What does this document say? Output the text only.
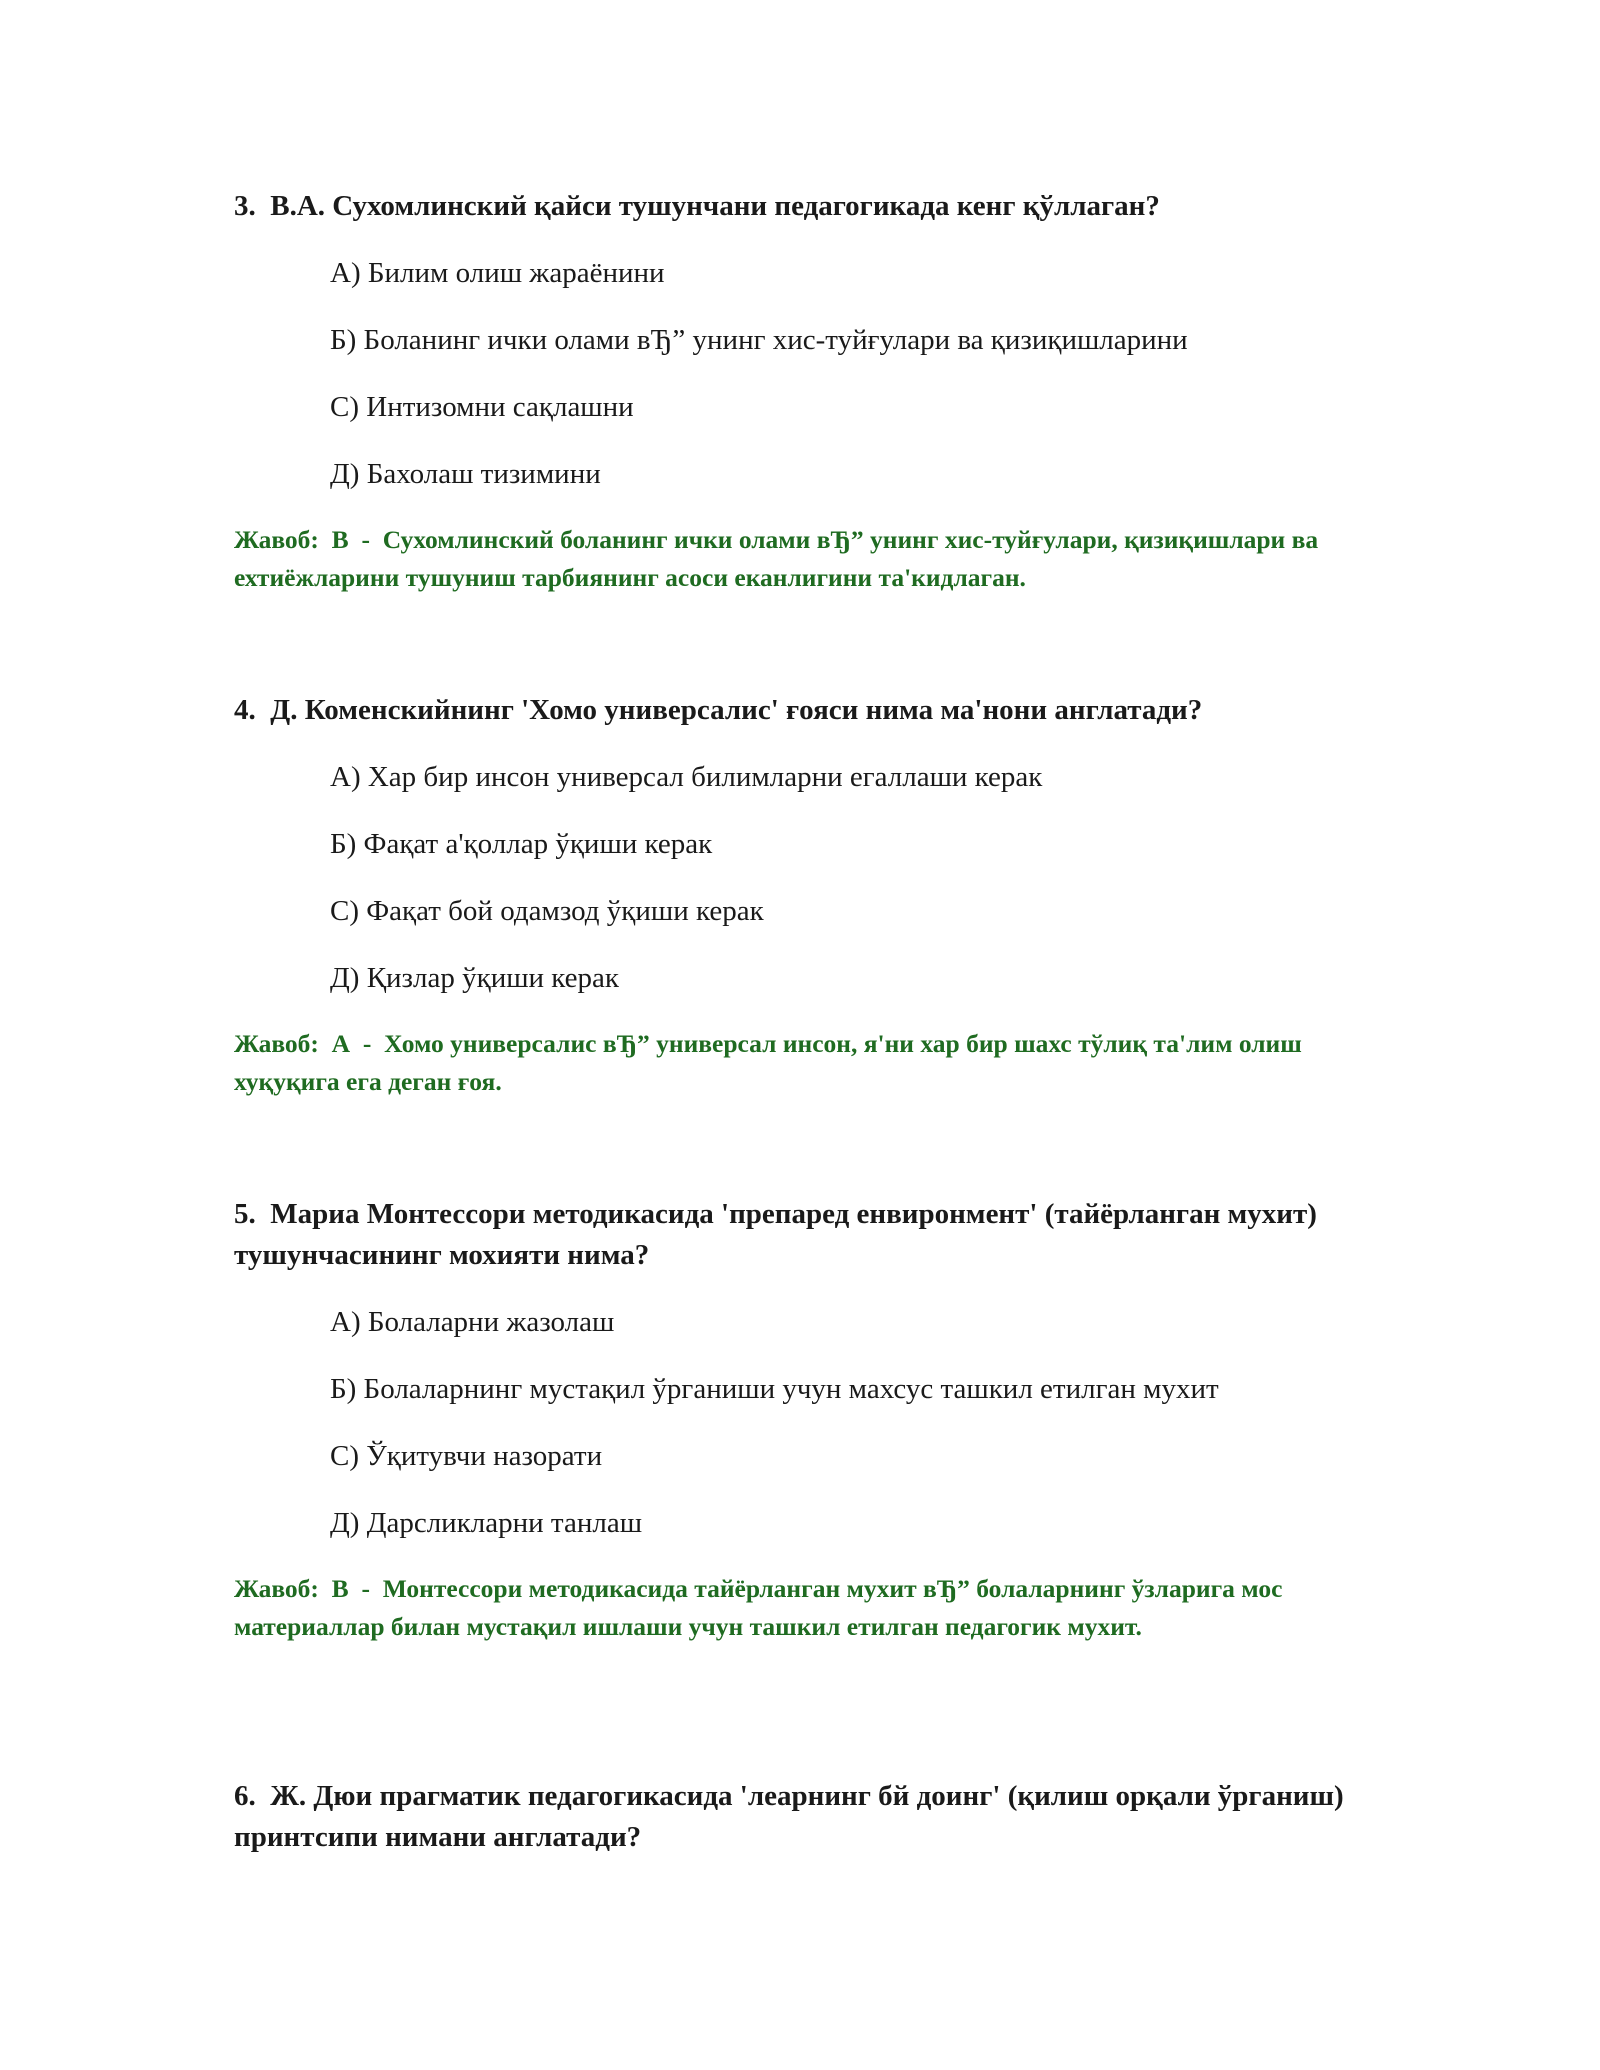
3. В.А. Сухомлинский қайси тушунчани педагогикада кенг қўллаган?
А) Билим олиш жараёнини
Б) Боланинг ички олами вЂ” унинг хис-туйғулари ва қизиқишларини
С) Интизомни сақлашни
Д) Бахолаш тизимини
Жавоб: В  -  Сухомлинский боланинг ички олами вЂ” унинг хис-туйғулари, қизиқишлари ва ехтиёжларини тушуниш тарбиянинг асоси еканлигини та'кидлаган.
4. Д. Коменскийнинг 'Хомо универсалис' ғояси нима ма'нони англатади?
А) Хар бир инсон универсал билимларни егаллаши керак
Б) Фақат а'қоллар ўқиши керак
С) Фақат бой одамзод ўқиши керак
Д) Қизлар ўқиши керак
Жавоб: А  -  Хомо универсалис вЂ” универсал инсон, я'ни хар бир шахс тўлиқ та'лим олиш хуқуқига ега деган ғоя.
5. Мариа Монтессори методикасида 'препаред енвиронмент' (тайёрланган мухит) тушунчасининг мохияти нима?
А) Болаларни жазолаш
Б) Болаларнинг мустақил ўрганиши учун махсус ташкил етилган мухит
С) Ўқитувчи назорати
Д) Дарсликларни танлаш
Жавоб: В  -  Монтессори методикасида тайёрланган мухит вЂ” болаларнинг ўзларига мос материаллар билан мустақил ишлаши учун ташкил етилган педагогик мухит.
6. Ж. Дюи прагматик педагогикасида 'леарнинг бй доинг' (қилиш орқали ўрганиш) принтсипи нимани англатади?
